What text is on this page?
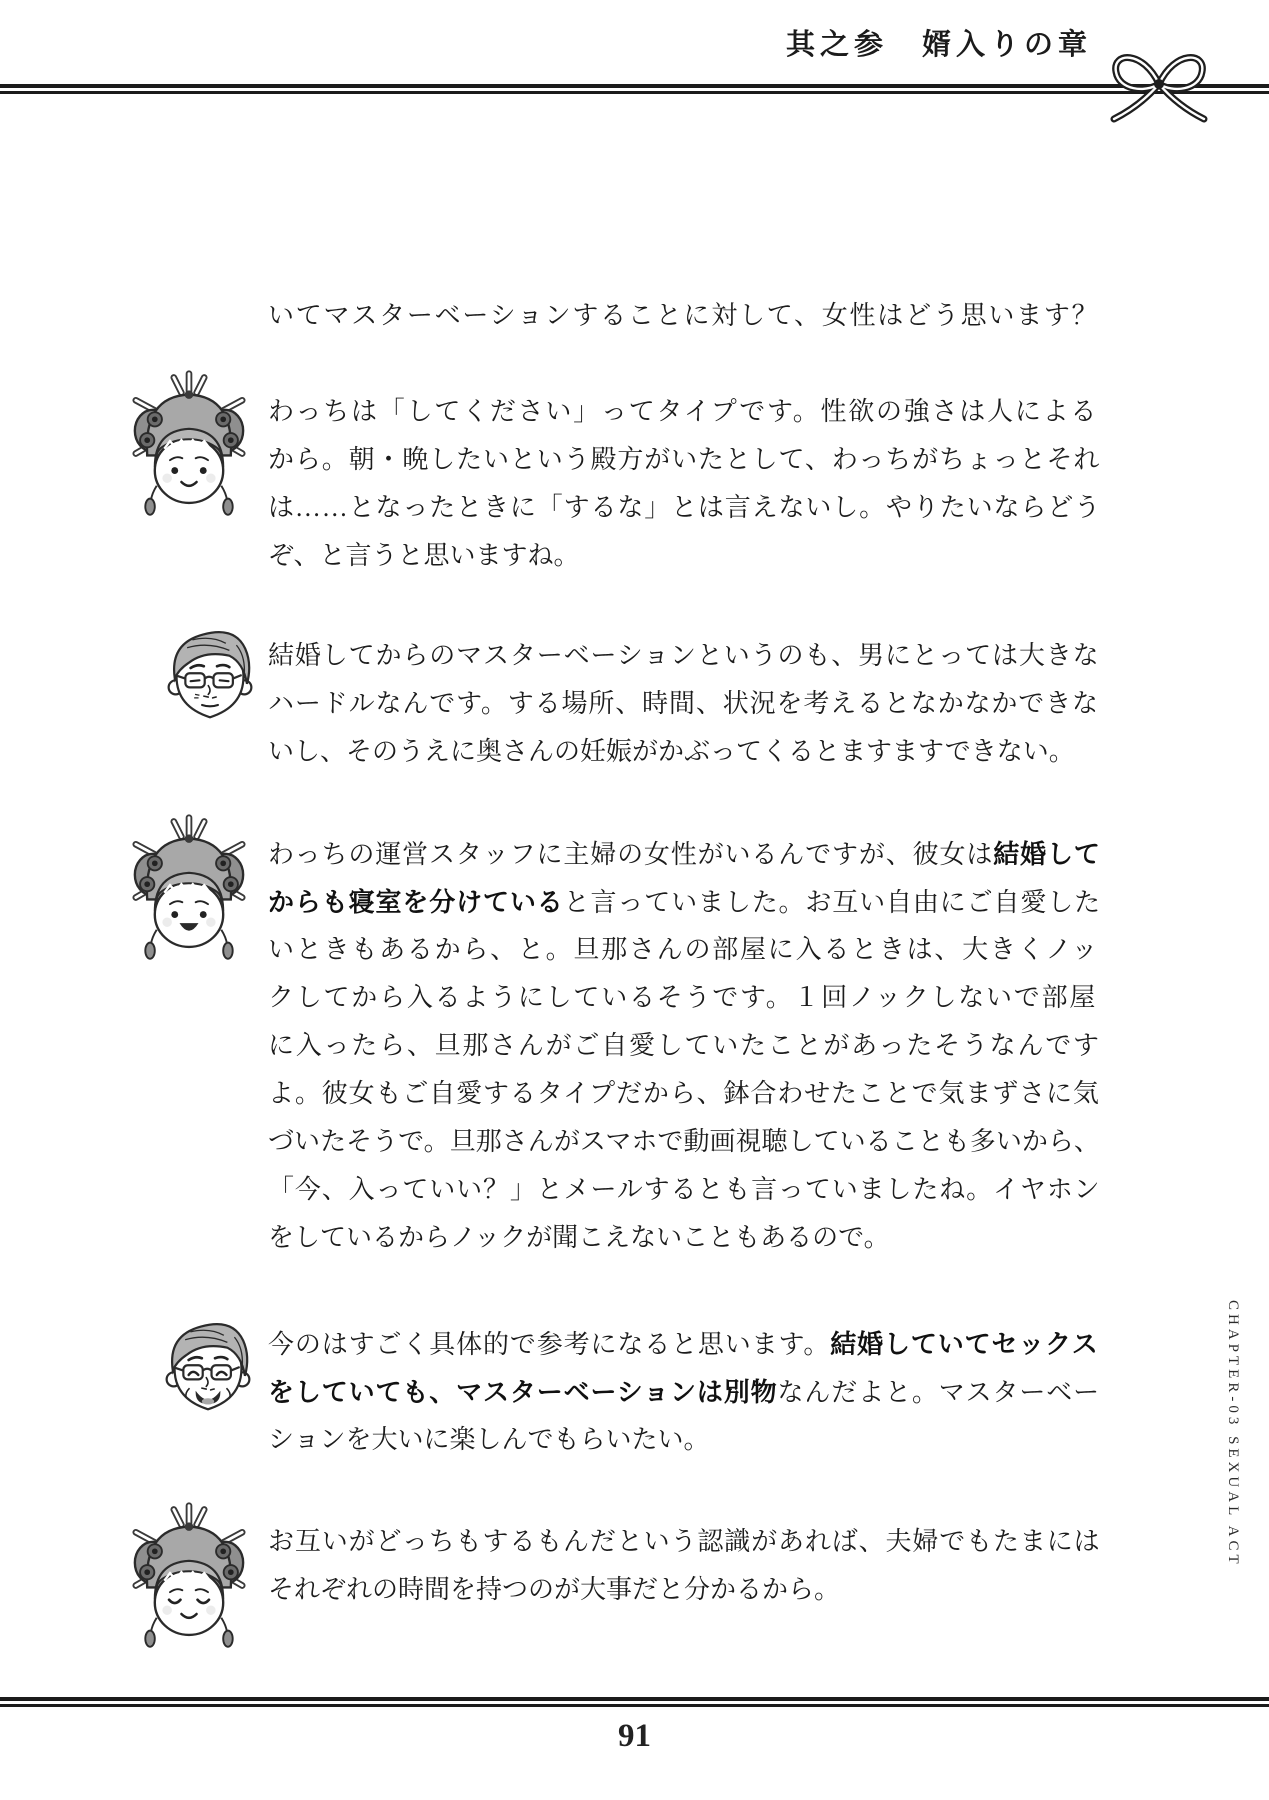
其之参　婿入りの章
いてマスターベーションすることに対して、女性はどう思います？
わっちは「してください」ってタイプです。性欲の強さは人による
から。朝・晩したいという殿方がいたとして、わっちがちょっとそれ
は……となったときに「するな」とは言えないし。やりたいならどう
ぞ、と言うと思いますね。
結婚してからのマスターベーションというのも、男にとっては大きな
ハードルなんです。する場所、時間、状況を考えるとなかなかできな
いし、そのうえに奥さんの妊娠がかぶってくるとますますできない。
わっちの運営スタッフに主婦の女性がいるんですが、彼女は結婚して
からも寝室を分けていると言っていました。お互い自由にご自愛した
いときもあるから、と。旦那さんの部屋に入るときは、大きくノッ
クしてから入るようにしているそうです。１回ノックしないで部屋
に入ったら、旦那さんがご自愛していたことがあったそうなんです
よ。彼女もご自愛するタイプだから、鉢合わせたことで気まずさに気
づいたそうで。旦那さんがスマホで動画視聴していることも多いから、
「今、入っていい？」とメールするとも言っていましたね。イヤホン
をしているからノックが聞こえないこともあるので。
今のはすごく具体的で参考になると思います。結婚していてセックス
をしていても、マスターベーションは別物なんだよと。マスターベー
ションを大いに楽しんでもらいたい。
お互いがどっちもするもんだという認識があれば、夫婦でもたまには
それぞれの時間を持つのが大事だと分かるから。
CHAPTER-03 SEXUAL ACT
91
